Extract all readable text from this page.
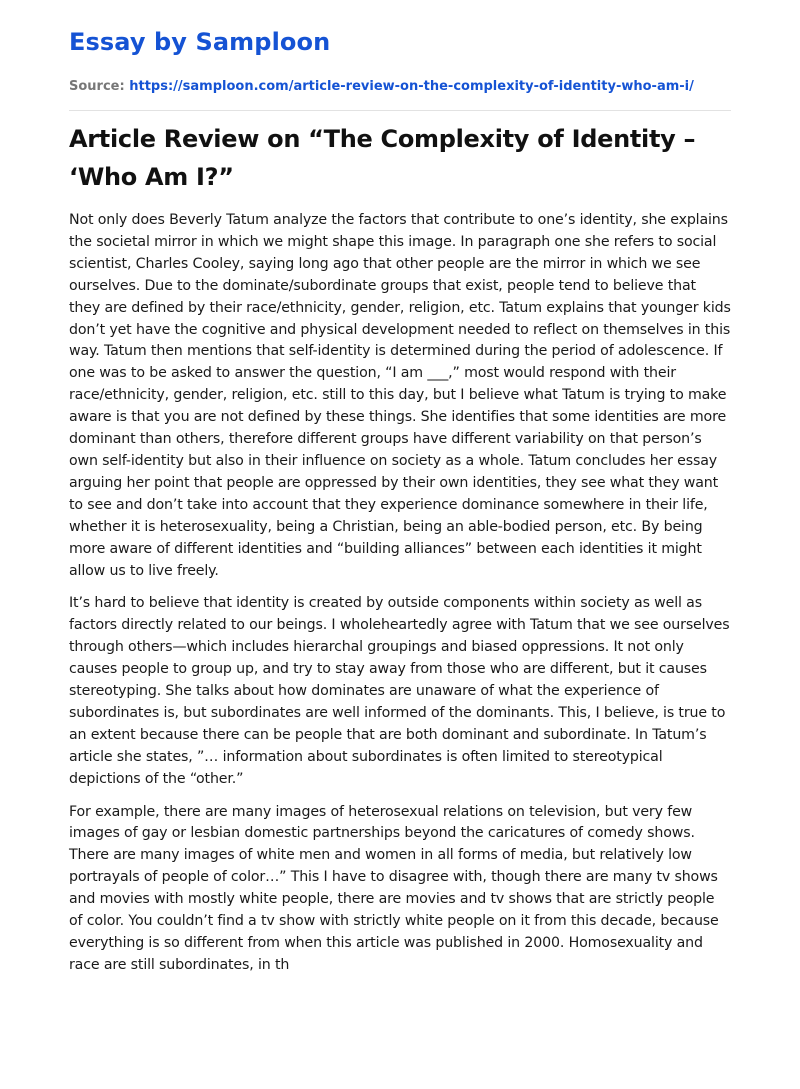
Essay by Samploon
Source: https://samploon.com/article-review-on-the-complexity-of-identity-who-am-i/
Article Review on “The Complexity of Identity – ‘Who Am I?”

Not only does Beverly Tatum analyze the factors that contribute to one’s identity, she explains the societal mirror in which we might shape this image. In paragraph one she refers to social scientist, Charles Cooley, saying long ago that other people are the mirror in which we see ourselves. Due to the dominate/subordinate groups that exist, people tend to believe that they are defined by their race/ethnicity, gender, religion, etc. Tatum explains that younger kids don’t yet have the cognitive and physical development needed to reflect on themselves in this way. Tatum then mentions that self-identity is determined during the period of adolescence. If one was to be asked to answer the question, “I am ___,” most would respond with their race/ethnicity, gender, religion, etc. still to this day, but I believe what Tatum is trying to make aware is that you are not defined by these things. She identifies that some identities are more dominant than others, therefore different groups have different variability on that person’s own self-identity but also in their influence on society as a whole. Tatum concludes her essay arguing her point that people are oppressed by their own identities, they see what they want to see and don’t take into account that they experience dominance somewhere in their life, whether it is heterosexuality, being a Christian, being an able-bodied person, etc. By being more aware of different identities and “building alliances” between each identities it might allow us to live freely.

It’s hard to believe that identity is created by outside components within society as well as factors directly related to our beings. I wholeheartedly agree with Tatum that we see ourselves through others—which includes hierarchal groupings and biased oppressions. It not only causes people to group up, and try to stay away from those who are different, but it causes stereotyping. She talks about how dominates are unaware of what the experience of subordinates is, but subordinates are well informed of the dominants. This, I believe, is true to an extent because there can be people that are both dominant and subordinate. In Tatum’s article she states, ”… information about subordinates is often limited to stereotypical depictions of the “other.”

For example, there are many images of heterosexual relations on television, but very few images of gay or lesbian domestic partnerships beyond the caricatures of comedy shows. There are many images of white men and women in all forms of media, but relatively low portrayals of people of color…” This I have to disagree with, though there are many tv shows and movies with mostly white people, there are movies and tv shows that are strictly people of color. You couldn’t find a tv show with strictly white people on it from this decade, because everything is so different from when this article was published in 2000. Homosexuality and race are still subordinates, in th
